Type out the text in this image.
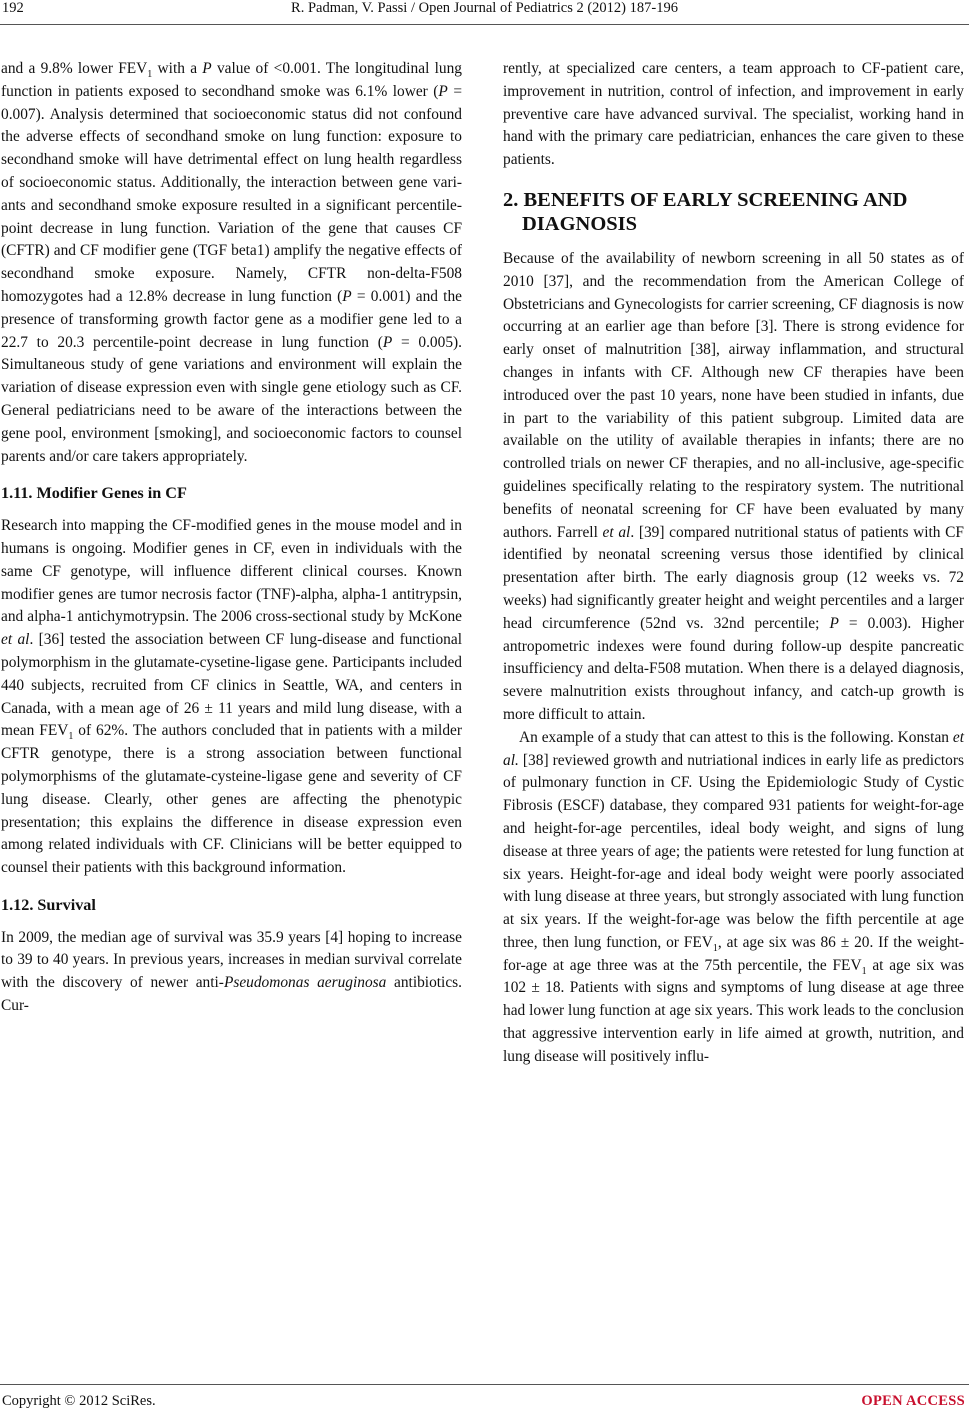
192	R. Padman, V. Passi / Open Journal of Pediatrics 2 (2012) 187-196

and a 9.8% lower $FEV_1$ with a P value of <0.001. The longitudinal lung function in patients exposed to secondhand smoke was 6.1% lower (P = 0.007). Analysis determined that socioeconomic status did not confound the adverse effects of secondhand smoke on lung function: exposure to secondhand smoke will have detrimental effect on lung health regardless of socioeconomic status. Additionally, the interaction between gene variants and secondhand smoke exposure resulted in a significant percentile-point decrease in lung function. Variation of the gene that causes CF (CFTR) and CF modifier gene (TGF beta1) amplify the negative effects of secondhand smoke exposure. Namely, CFTR non-delta-F508 homozygotes had a 12.8% decrease in lung function (P = 0.001) and the presence of transforming growth factor gene as a modifier gene led to a 22.7 to 20.3 percentile-point decrease in lung function (P = 0.005). Simultaneous study of gene variations and environment will explain the variation of disease expression even with single gene etiology such as CF. General pediatricians need to be aware of the interactions between the gene pool, environment [smoking], and socioeconomic factors to counsel parents and/or care takers appropriately.

1.11. Modifier Genes in CF

Research into mapping the CF-modified genes in the mouse model and in humans is ongoing. Modifier genes in CF, even in individuals with the same CF genotype, will influence different clinical courses. Known modifier genes are tumor necrosis factor (TNF)-alpha, alpha-1 antitrypsin, and alpha-1 antichymotrypsin. The 2006 cross-sectional study by McKone et al. [36] tested the association between CF lung-disease and functional polymorphism in the glutamate-cysetine-ligase gene. Participants included 440 subjects, recruited from CF clinics in Seattle, WA, and centers in Canada, with a mean age of 26 ± 11 years and mild lung disease, with a mean $FEV_1$ of 62%. The authors concluded that in patients with a milder CFTR genotype, there is a strong association between functional polymorphisms of the glutamate-cysteine-ligase gene and severity of CF lung disease. Clearly, other genes are affecting the phenotypic presentation; this explains the difference in disease expression even among related individuals with CF. Clinicians will be better equipped to counsel their patients with this background information.

1.12. Survival

In 2009, the median age of survival was 35.9 years [4] hoping to increase to 39 to 40 years. In previous years, increases in median survival correlate with the discovery of newer anti-Pseudomonas aeruginosa antibiotics. Cur-

rently, at specialized care centers, a team approach to CF-patient care, improvement in nutrition, control of infection, and improvement in early preventive care have advanced survival. The specialist, working hand in hand with the primary care pediatrician, enhances the care given to these patients.

2. BENEFITS OF EARLY SCREENING AND DIAGNOSIS

Because of the availability of newborn screening in all 50 states as of 2010 [37], and the recommendation from the American College of Obstetricians and Gynecologists for carrier screening, CF diagnosis is now occurring at an earlier age than before [3]. There is strong evidence for early onset of malnutrition [38], airway inflammation, and structural changes in infants with CF. Although new CF therapies have been introduced over the past 10 years, none have been studied in infants, due in part to the variability of this patient subgroup. Limited data are available on the utility of available therapies in infants; there are no controlled trials on newer CF therapies, and no all-inclusive, age-specific guidelines specifically relating to the respiratory system. The nutritional benefits of neonatal screening for CF have been evaluated by many authors. Farrell et al. [39] compared nutritional status of patients with CF identified by neonatal screening versus those identified by clinical presentation after birth. The early diagnosis group (12 weeks vs. 72 weeks) had significantly greater height and weight percentiles and a larger head circumference (52nd vs. 32nd percentile; P = 0.003). Higher antropometric indexes were found during follow-up despite pancreatic insufficiency and delta-F508 mutation. When there is a delayed diagnosis, severe malnutrition exists throughout infancy, and catch-up growth is more difficult to attain.

An example of a study that can attest to this is the following. Konstan et al. [38] reviewed growth and nutriational indices in early life as predictors of pulmonary function in CF. Using the Epidemiologic Study of Cystic Fibrosis (ESCF) database, they compared 931 patients for weight-for-age and height-for-age percentiles, ideal body weight, and signs of lung disease at three years of age; the patients were retested for lung function at six years. Height-for-age and ideal body weight were poorly associated with lung disease at three years, but strongly associated with lung function at six years. If the weight-for-age was below the fifth percentile at age three, then lung function, or $FEV_1$, at age six was 86 ± 20. If the weight-for-age at age three was at the 75th percentile, the $FEV_1$ at age six was 102 ± 18. Patients with signs and symptoms of lung disease at age three had lower lung function at age six years. This work leads to the conclusion that aggressive intervention early in life aimed at growth, nutrition, and lung disease will positively influ-

Copyright © 2012 SciRes.	OPEN ACCESS
